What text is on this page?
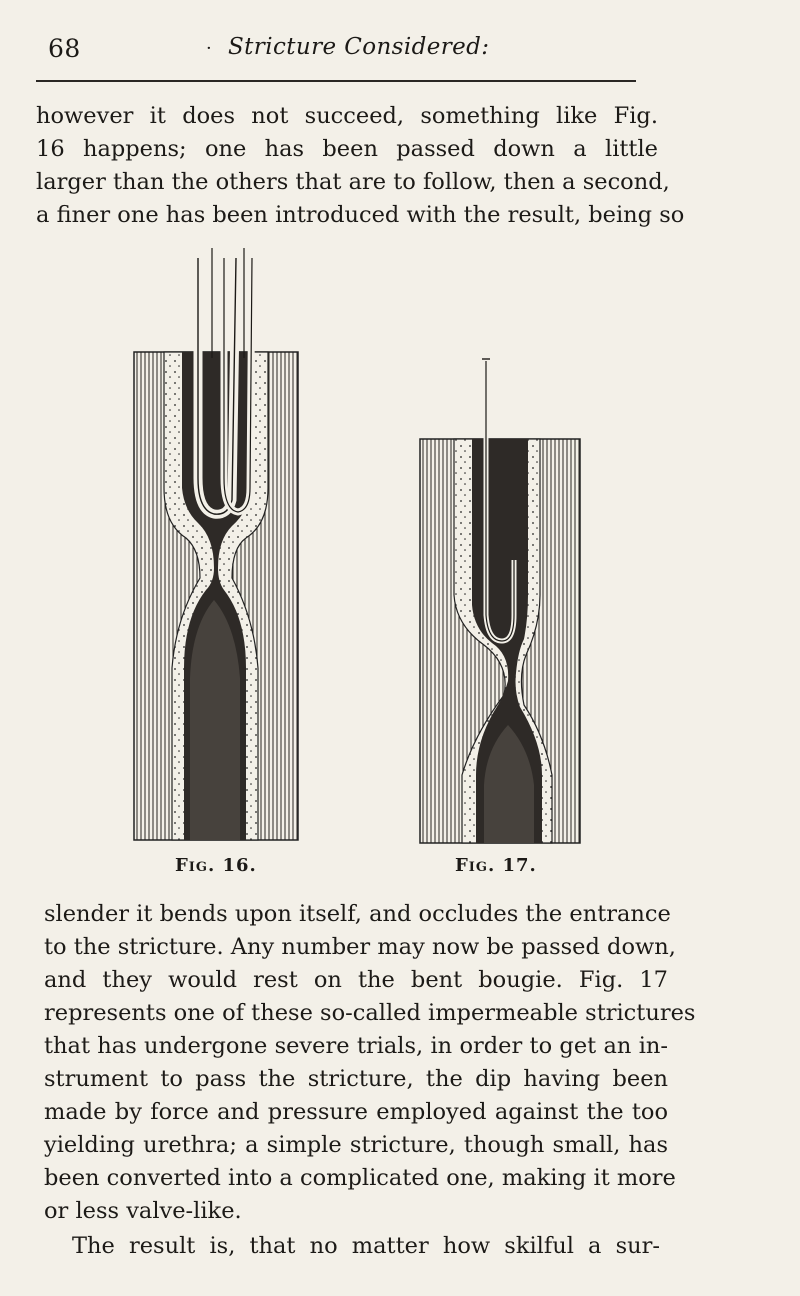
68	· Stricture Considered:

however it does not succeed, something like Fig.
16 happens; one has been passed down a little
larger than the others that are to follow, then a second,
a finer one has been introduced with the result, being so

Fig. 16.	Fig. 17.

slender it bends upon itself, and occludes the entrance
to the stricture. Any number may now be passed down,
and they would rest on the bent bougie. Fig. 17
represents one of these so-called impermeable strictures
that has undergone severe trials, in order to get an in-
strument to pass the stricture, the dip having been
made by force and pressure employed against the too
yielding urethra; a simple stricture, though small, has
been converted into a complicated one, making it more
or less valve-like.

The result is, that no matter how skilful a sur-
